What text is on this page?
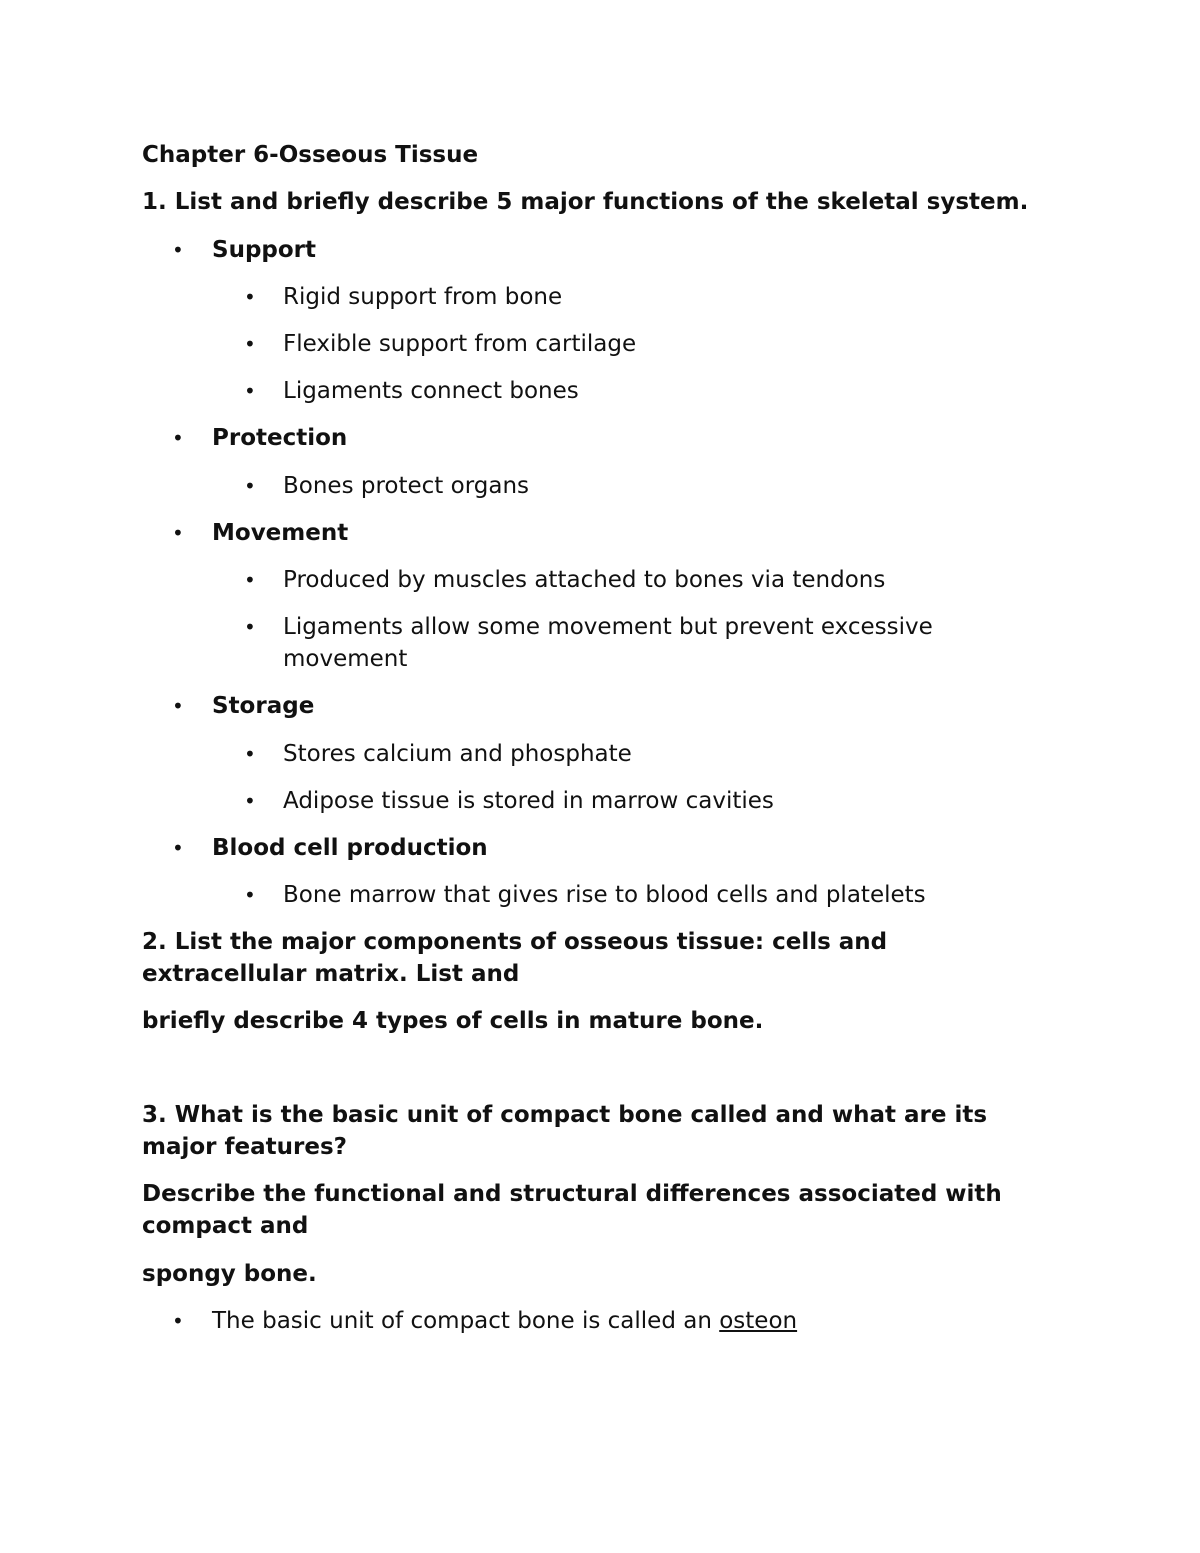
Chapter 6-Osseous Tissue
1. List and briefly describe 5 major functions of the skeletal system.
•	Support
•	Rigid support from bone
•	Flexible support from cartilage
•	Ligaments connect bones
•	Protection
•	Bones protect organs
•	Movement
•	Produced by muscles attached to bones via tendons
•	Ligaments allow some movement but prevent excessive movement
•	Storage
•	Stores calcium and phosphate
•	Adipose tissue is stored in marrow cavities
•	Blood cell production
•	Bone marrow that gives rise to blood cells and platelets
2. List the major components of osseous tissue: cells and
extracellular matrix. List and
briefly describe 4 types of cells in mature bone.
3. What is the basic unit of compact bone called and what are its
major features?
Describe the functional and structural differences associated with
compact and
spongy bone.
•	The basic unit of compact bone is called an osteon
